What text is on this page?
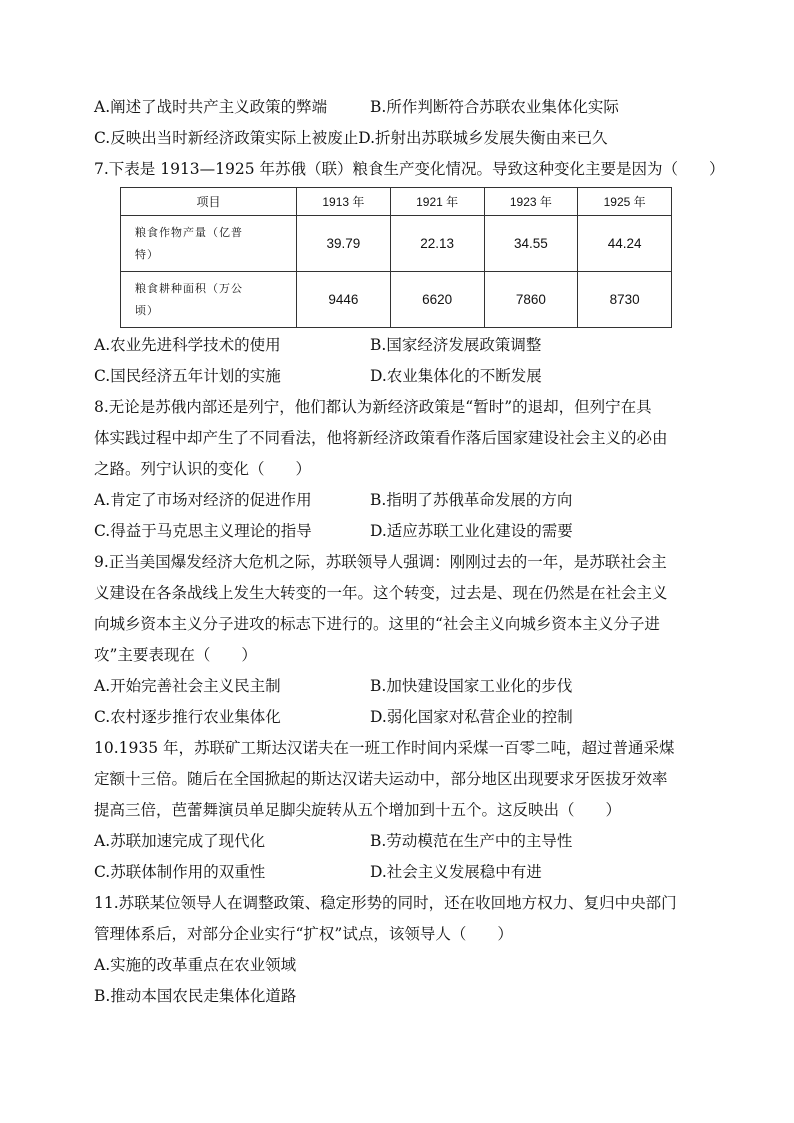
A.阐述了战时共产主义政策的弊端	B.所作判断符合苏联农业集体化实际
C.反映出当时新经济政策实际上被废止D.折射出苏联城乡发展失衡由来已久
7.下表是 1913—1925 年苏俄（联）粮食生产变化情况。导致这种变化主要是因为（　　）
项目	1913 年	1921 年	1923 年	1925 年
粮食作物产量（亿普
特）	39.79	22.13	34.55	44.24
粮食耕种面积（万公
顷）	9446	6620	7860	8730
A.农业先进科学技术的使用	B.国家经济发展政策调整
C.国民经济五年计划的实施	D.农业集体化的不断发展
8.无论是苏俄内部还是列宁，他们都认为新经济政策是“暂时”的退却，但列宁在具
体实践过程中却产生了不同看法，他将新经济政策看作落后国家建设社会主义的必由
之路。列宁认识的变化（　　）
A.肯定了市场对经济的促进作用	B.指明了苏俄革命发展的方向
C.得益于马克思主义理论的指导	D.适应苏联工业化建设的需要
9.正当美国爆发经济大危机之际，苏联领导人强调：刚刚过去的一年，是苏联社会主
义建设在各条战线上发生大转变的一年。这个转变，过去是、现在仍然是在社会主义
向城乡资本主义分子进攻的标志下进行的。这里的“社会主义向城乡资本主义分子进
攻”主要表现在（　　）
A.开始完善社会主义民主制	B.加快建设国家工业化的步伐
C.农村逐步推行农业集体化	D.弱化国家对私营企业的控制
10.1935 年，苏联矿工斯达汉诺夫在一班工作时间内采煤一百零二吨，超过普通采煤
定额十三倍。随后在全国掀起的斯达汉诺夫运动中，部分地区出现要求牙医拔牙效率
提高三倍，芭蕾舞演员单足脚尖旋转从五个增加到十五个。这反映出（　　）
A.苏联加速完成了现代化	B.劳动模范在生产中的主导性
C.苏联体制作用的双重性	D.社会主义发展稳中有进
11.苏联某位领导人在调整政策、稳定形势的同时，还在收回地方权力、复归中央部门
管理体系后，对部分企业实行“扩权”试点，该领导人（　　）
A.实施的改革重点在农业领域
B.推动本国农民走集体化道路
